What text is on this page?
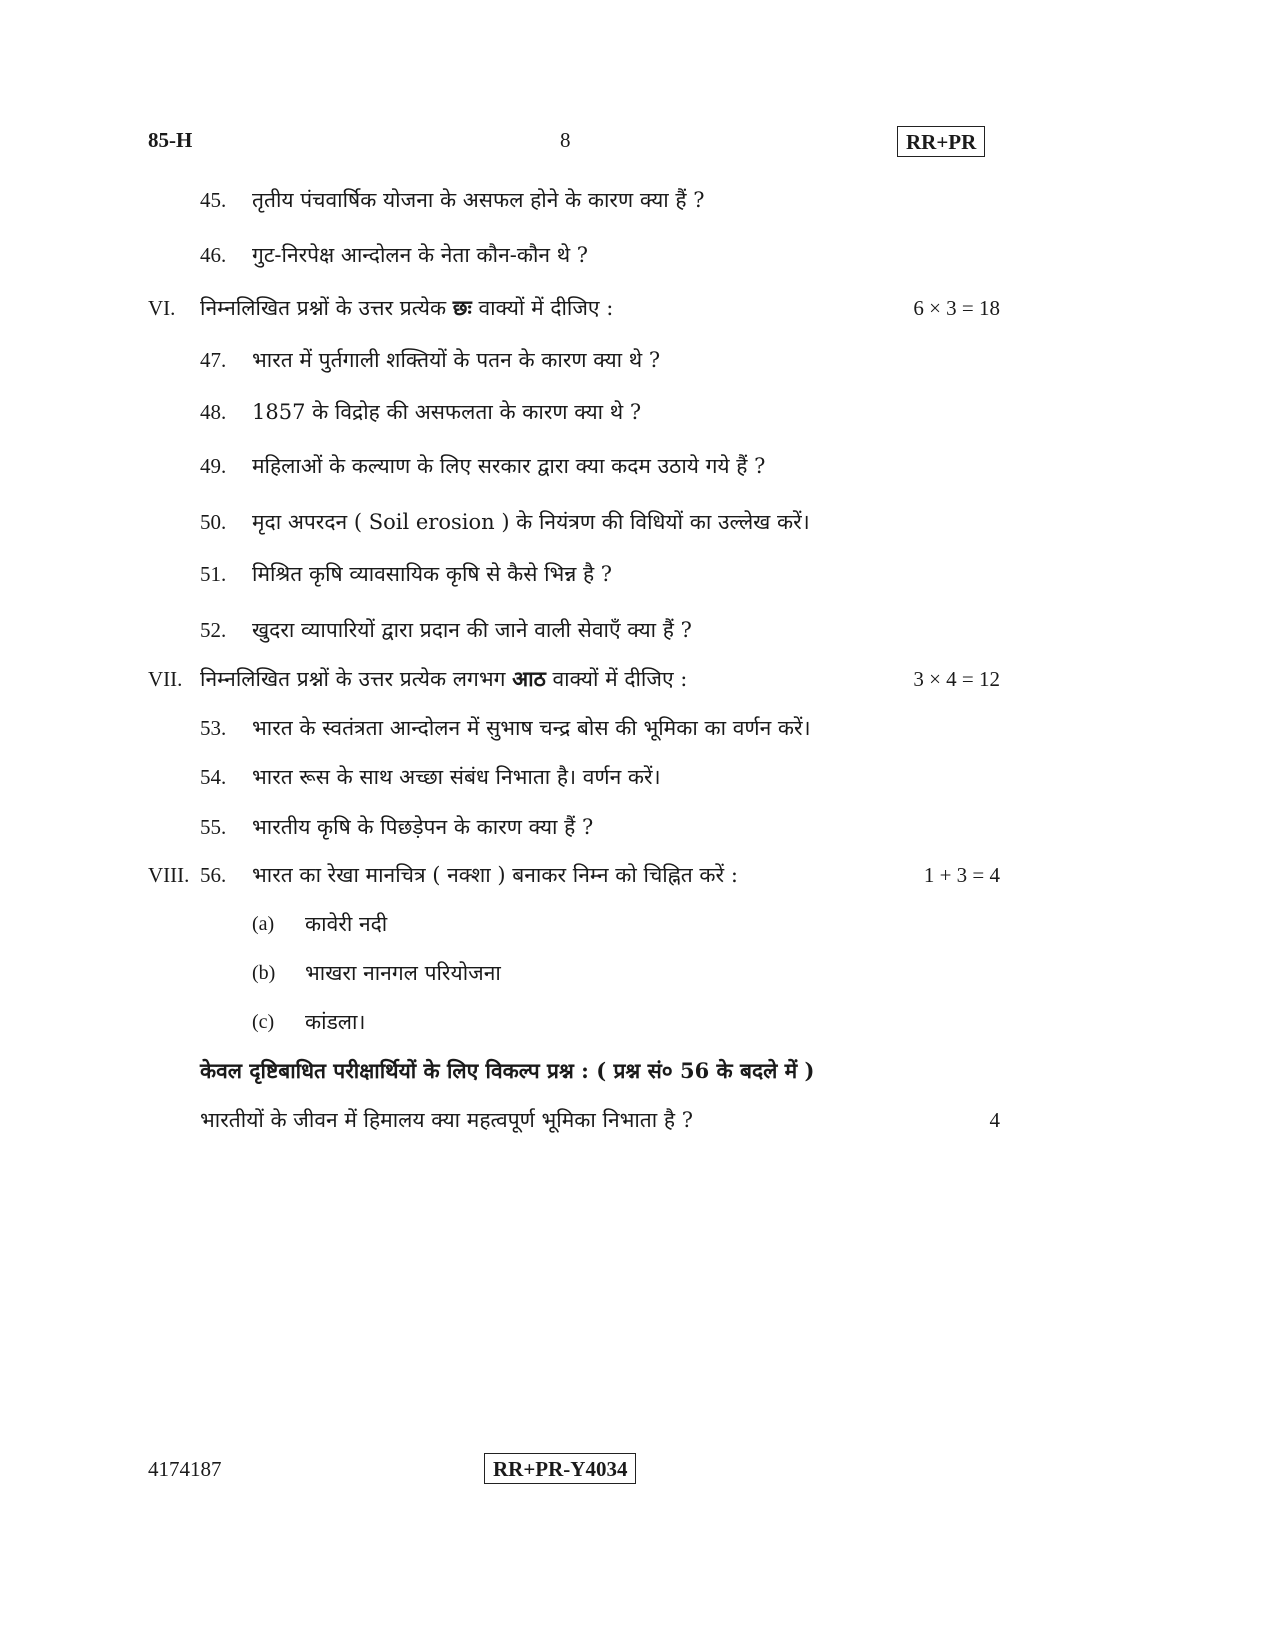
85-H	8	RR+PR
45. तृतीय पंचवार्षिक योजना के असफल होने के कारण क्या हैं ?
46. गुट-निरपेक्ष आन्दोलन के नेता कौन-कौन थे ?
VI. निम्नलिखित प्रश्नों के उत्तर प्रत्येक छः वाक्यों में दीजिए :	6 × 3 = 18
47. भारत में पुर्तगाली शक्तियों के पतन के कारण क्या थे ?
48. 1857 के विद्रोह की असफलता के कारण क्या थे ?
49. महिलाओं के कल्याण के लिए सरकार द्वारा क्या कदम उठाये गये हैं ?
50. मृदा अपरदन ( Soil erosion ) के नियंत्रण की विधियों का उल्लेख करें।
51. मिश्रित कृषि व्यावसायिक कृषि से कैसे भिन्न है ?
52. खुदरा व्यापारियों द्वारा प्रदान की जाने वाली सेवाएँ क्या हैं ?
VII. निम्नलिखित प्रश्नों के उत्तर प्रत्येक लगभग आठ वाक्यों में दीजिए :	3 × 4 = 12
53. भारत के स्वतंत्रता आन्दोलन में सुभाष चन्द्र बोस की भूमिका का वर्णन करें।
54. भारत रूस के साथ अच्छा संबंध निभाता है। वर्णन करें।
55. भारतीय कृषि के पिछड़ेपन के कारण क्या हैं ?
VIII. 56. भारत का रेखा मानचित्र ( नक्शा ) बनाकर निम्न को चिह्नित करें :	1 + 3 = 4
(a) कावेरी नदी
(b) भाखरा नानगल परियोजना
(c) कांडला।
केवल दृष्टिबाधित परीक्षार्थियों के लिए विकल्प प्रश्न : ( प्रश्न सं० 56 के बदले में )
भारतीयों के जीवन में हिमालय क्या महत्वपूर्ण भूमिका निभाता है ?	4
4174187	RR+PR-Y4034
